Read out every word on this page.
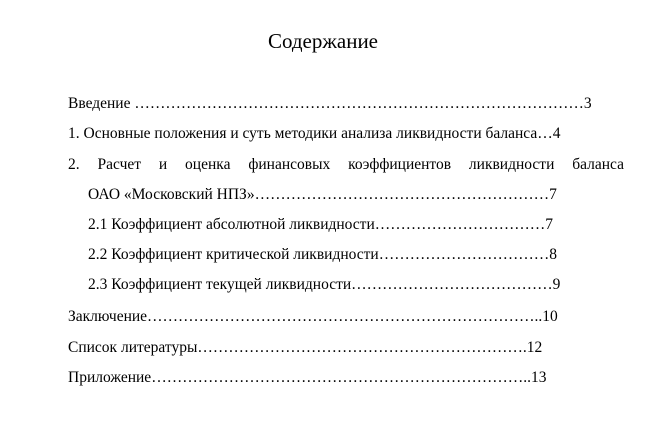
Содержание
Введение ……………………………………………………………………………3
1. Основные положения и суть методики анализа ликвидности баланса…4
2. Расчет и оценка финансовых коэффициентов ликвидности баланса
ОАО «Московский НПЗ»…………………………………………………7
2.1 Коэффициент абсолютной ликвидности……………………………7
2.2 Коэффициент критической ликвидности……………………………8
2.3 Коэффициент текущей ликвидности…………………………………9
Заключение…………………………………………………………………..10
Список литературы……………………………………………………….12
Приложение………………………………………………………………..13
